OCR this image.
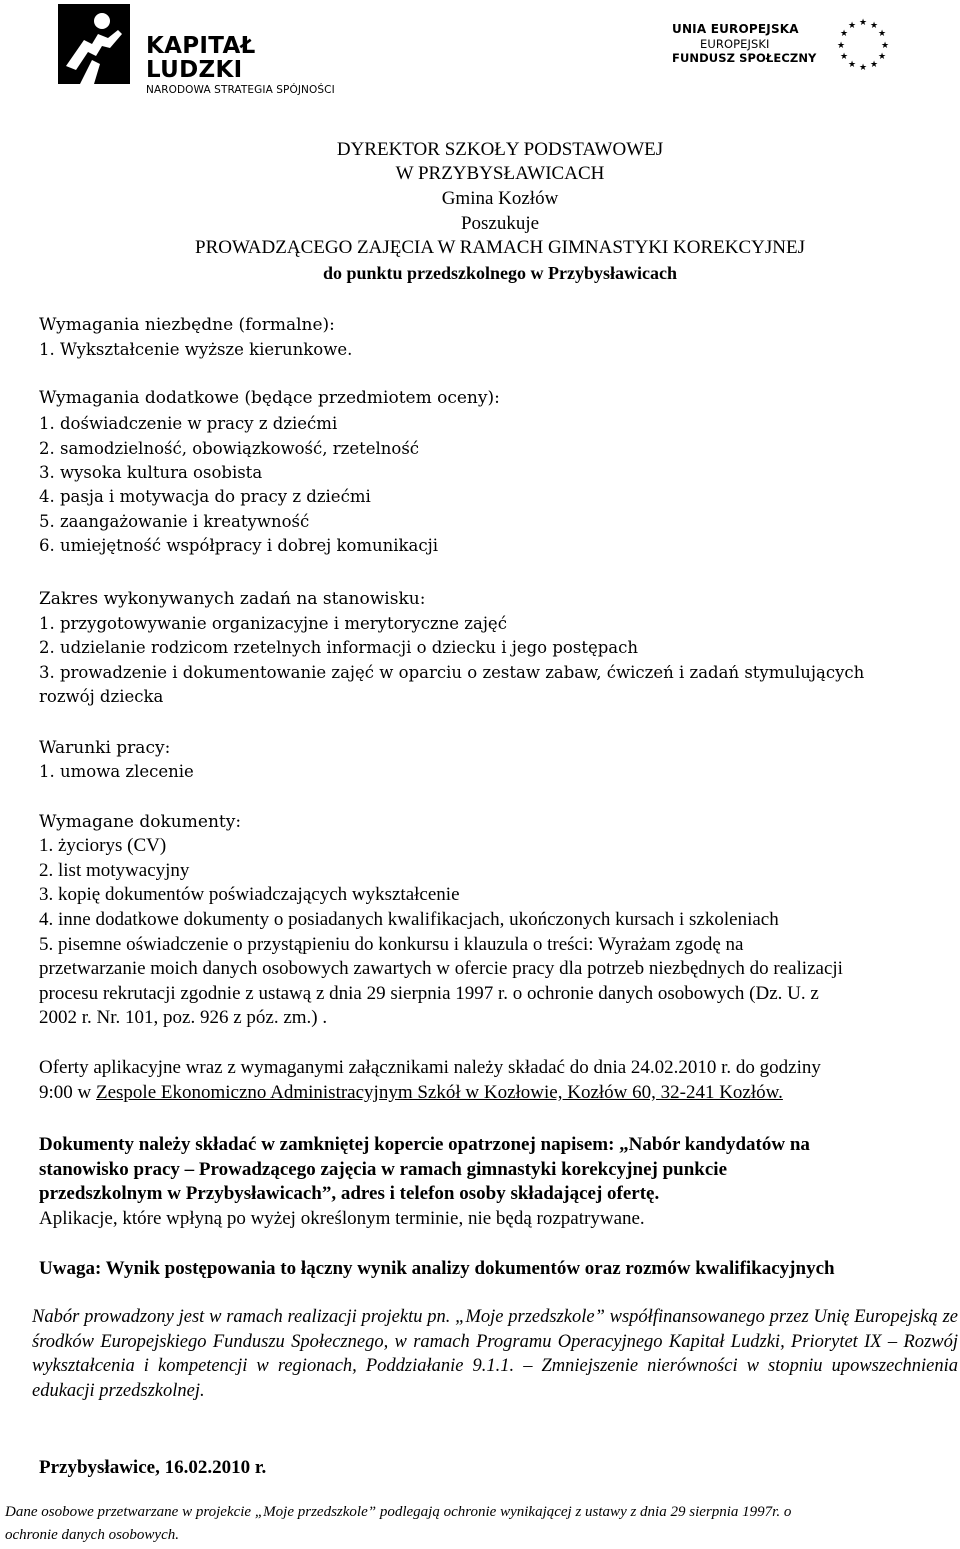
KAPITAŁ LUDZKI
NARODOWA STRATEGIA SPÓJNOŚCI
UNIA EUROPEJSKA
EUROPEJSKI
FUNDUSZ SPOŁECZNY
★ ★
★
★
★
★
★
★
★
★
★
★
DYREKTOR SZKOŁY PODSTAWOWEJ
W PRZYBYSŁAWICACH
Gmina Kozłów
Poszukuje
PROWADZĄCEGO ZAJĘCIA W RAMACH GIMNASTYKI KOREKCYJNEJ
do punktu przedszkolnego w Przybysławicach
Wymagania niezbędne (formalne):
1. Wykształcenie wyższe kierunkowe.
Wymagania dodatkowe (będące przedmiotem oceny):
1. doświadczenie w pracy z dziećmi
2. samodzielność, obowiązkowość, rzetelność
3. wysoka kultura osobista
4. pasja i motywacja do pracy z dziećmi
5. zaangażowanie i kreatywność
6. umiejętność współpracy i dobrej komunikacji
Zakres wykonywanych zadań na stanowisku:
1. przygotowywanie organizacyjne i merytoryczne zajęć
2. udzielanie rodzicom rzetelnych informacji o dziecku i jego postępach
3. prowadzenie i dokumentowanie zajęć w oparciu o zestaw zabaw, ćwiczeń i zadań stymulujących
rozwój dziecka
Warunki pracy:
1. umowa zlecenie
Wymagane dokumenty:
1. życiorys (CV)
2. list motywacyjny
3. kopię dokumentów poświadczających wykształcenie
4. inne dodatkowe dokumenty o posiadanych kwalifikacjach, ukończonych kursach i szkoleniach
5. pisemne oświadczenie o przystąpieniu do konkursu i klauzula o treści: Wyrażam zgodę na
przetwarzanie moich danych osobowych zawartych w ofercie pracy dla potrzeb niezbędnych do realizacji
procesu rekrutacji zgodnie z ustawą z dnia 29 sierpnia 1997 r. o ochronie danych osobowych (Dz. U. z
2002 r. Nr. 101, poz. 926 z póz. zm.) .
Oferty aplikacyjne wraz z wymaganymi załącznikami należy składać do dnia 24.02.2010 r. do godziny
9:00 w Zespole Ekonomiczno Administracyjnym Szkół w Kozłowie, Kozłów 60, 32-241 Kozłów.
Dokumenty należy składać w zamkniętej kopercie opatrzonej napisem: „Nabór kandydatów na
stanowisko pracy – Prowadzącego zajęcia w ramach gimnastyki korekcyjnej punkcie
przedszkolnym w Przybysławicach”, adres i telefon osoby składającej ofertę.
Aplikacje, które wpłyną po wyżej określonym terminie, nie będą rozpatrywane.
Uwaga: Wynik postępowania to łączny wynik analizy dokumentów oraz rozmów kwalifikacyjnych
Nabór prowadzony jest w ramach realizacji projektu pn. „Moje przedszkole” współfinansowanego przez Unię Europejską ze środków Europejskiego Funduszu Społecznego, w ramach Programu Operacyjnego Kapitał Ludzki, Priorytet IX – Rozwój wykształcenia i kompetencji w regionach, Poddziałanie 9.1.1. – Zmniejszenie nierówności w stopniu upowszechnienia edukacji przedszkolnej.
Przybysławice, 16.02.2010 r.
Dane osobowe przetwarzane w projekcie „Moje przedszkole” podlegają ochronie wynikającej z ustawy z dnia 29 sierpnia 1997r. o
ochronie danych osobowych.
